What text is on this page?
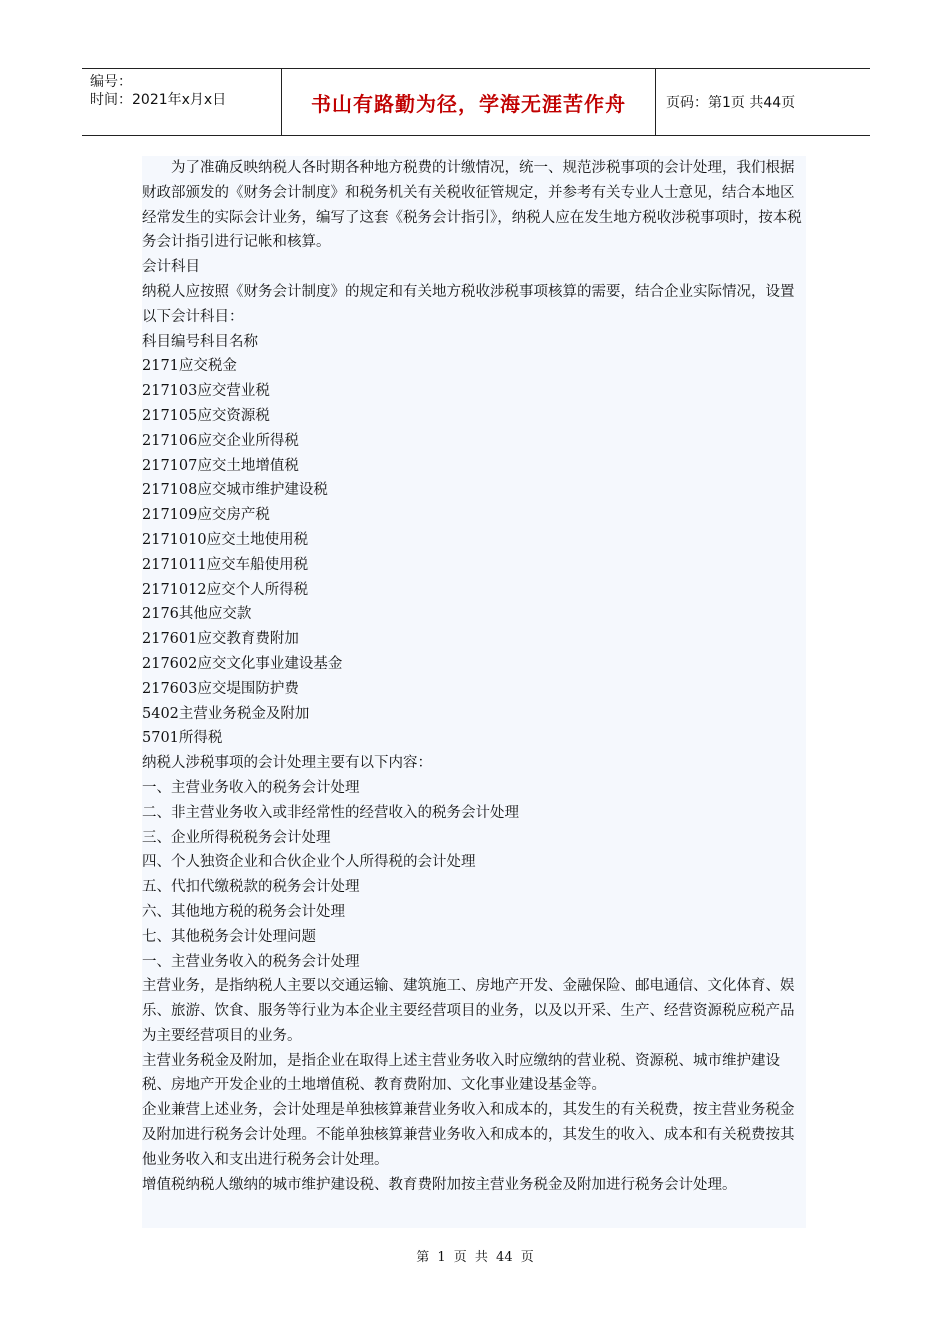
编号：
时间：2021年x月x日	书山有路勤为径，学海无涯苦作舟	页码：第1页 共44页

为了准确反映纳税人各时期各种地方税费的计缴情况，统一、规范涉税事项的会计处理，我们根据财政部颁发的《财务会计制度》和税务机关有关税收征管规定，并参考有关专业人士意见，结合本地区经常发生的实际会计业务，编写了这套《税务会计指引》，纳税人应在发生地方税收涉税事项时，按本税务会计指引进行记帐和核算。

会计科目

纳税人应按照《财务会计制度》的规定和有关地方税收涉税事项核算的需要，结合企业实际情况，设置以下会计科目：

科目编号科目名称

2171应交税金

217103应交营业税

217105应交资源税

217106应交企业所得税

217107应交土地增值税

217108应交城市维护建设税

217109应交房产税

2171010应交土地使用税

2171011应交车船使用税

2171012应交个人所得税

2176其他应交款

217601应交教育费附加

217602应交文化事业建设基金

217603应交堤围防护费

5402主营业务税金及附加

5701所得税

纳税人涉税事项的会计处理主要有以下内容：

一、主营业务收入的税务会计处理

二、非主营业务收入或非经常性的经营收入的税务会计处理

三、企业所得税税务会计处理

四、个人独资企业和合伙企业个人所得税的会计处理

五、代扣代缴税款的税务会计处理

六、其他地方税的税务会计处理

七、其他税务会计处理问题

一、主营业务收入的税务会计处理

主营业务，是指纳税人主要以交通运输、建筑施工、房地产开发、金融保险、邮电通信、文化体育、娱乐、旅游、饮食、服务等行业为本企业主要经营项目的业务，以及以开采、生产、经营资源税应税产品为主要经营项目的业务。

主营业务税金及附加，是指企业在取得上述主营业务收入时应缴纳的营业税、资源税、城市维护建设税、房地产开发企业的土地增值税、教育费附加、文化事业建设基金等。

企业兼营上述业务，会计处理是单独核算兼营业务收入和成本的，其发生的有关税费，按主营业务税金及附加进行税务会计处理。不能单独核算兼营业务收入和成本的，其发生的收入、成本和有关税费按其他业务收入和支出进行税务会计处理。

增值税纳税人缴纳的城市维护建设税、教育费附加按主营业务税金及附加进行税务会计处理。

第 1 页 共 44 页
